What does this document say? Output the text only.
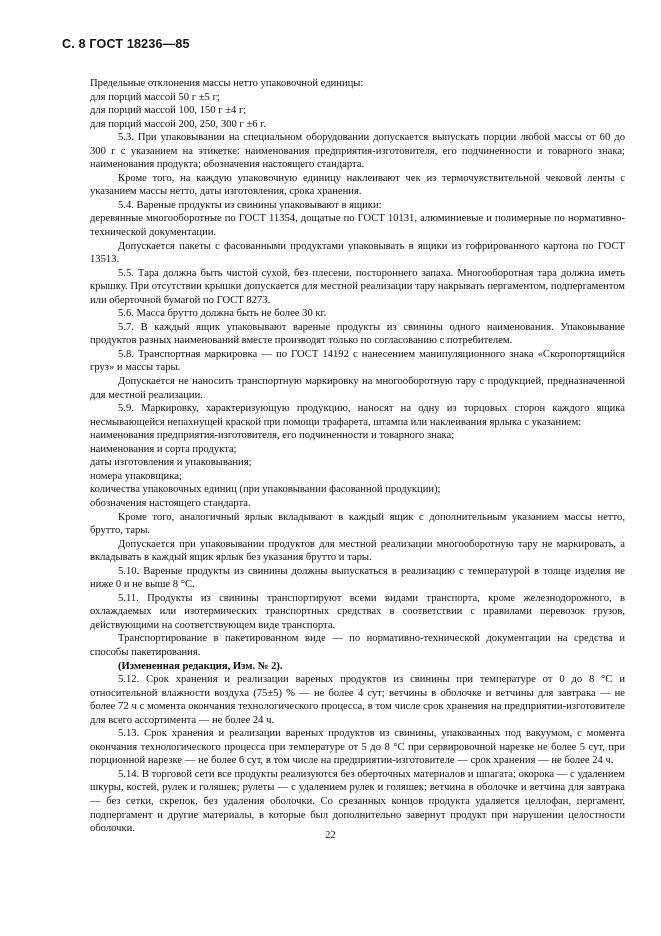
С. 8 ГОСТ 18236—85

Предельные отклонения массы нетто упаковочной единицы:

для порций массой 50 г ±5 г;

для порций массой 100, 150 г ±4 г;

для порций массой 200, 250, 300 г ±6 г.

5.3. При упаковывании на специальном оборудовании допускается выпускать порции любой массы от 60 до 300 г с указанием на этикетке: наименования предприятия-изготовителя, его подчиненности и товарного знака; наименования продукта; обозначения настоящего стандарта.

Кроме того, на каждую упаковочную единицу наклеивают чек из термочувствительной чековой ленты с указанием массы нетто, даты изготовления, срока хранения.

5.4. Вареные продукты из свинины упаковывают в ящики:

деревянные многооборотные по ГОСТ 11354, дощатые по ГОСТ 10131, алюминиевые и полимерные по нормативно-технической документации.

Допускается пакеты с фасованными продуктами упаковывать в ящики из гофрированного картона по ГОСТ 13513.

5.5. Тара должна быть чистой сухой, без плесени, постороннего запаха. Многооборотная тара должна иметь крышку. При отсутствии крышки допускается для местной реализации тару накрывать пергаментом, подпергаментом или оберточной бумагой по ГОСТ 8273.

5.6. Масса брутто должна быть не более 30 кг.

5.7. В каждый ящик упаковывают вареные продукты из свинины одного наименования. Упаковывание продуктов разных наименований вместе производят только по согласованию с потребителем.

5.8. Транспортная маркировка — по ГОСТ 14192 с нанесением манипуляционного знака «Скоропортящийся груз» и массы тары.

Допускается не наносить транспортную маркировку на многооборотную тару с продукцией, предназначенной для местной реализации.

5.9. Маркировку, характеризующую продукцию, наносят на одну из торцовых сторон каждого ящика несмывающейся непахнущей краской при помощи трафарета, штампа или наклеивания ярлыка с указанием:

наименования предприятия-изготовителя, его подчиненности и товарного знака;

наименования и сорта продукта;

даты изготовления и упаковывания;

номера упаковщика;

количества упаковочных единиц (при упаковывании фасованной продукции);

обозначения настоящего стандарта.

Кроме того, аналогичный ярлык вкладывают в каждый ящик с дополнительным указанием массы нетто, брутто, тары.

Допускается при упаковывании продуктов для местной реализации многооборотную тару не маркировать, а вкладывать в каждый ящик ярлык без указания брутто и тары.

5.10. Вареные продукты из свинины должны выпускаться в реализацию с температурой в толще изделия не ниже 0 и не выше 8 °С.

5.11. Продукты из свинины транспортируют всеми видами транспорта, кроме железнодорожного, в охлаждаемых или изотермических транспортных средствах в соответствии с правилами перевозок грузов, действующими на соответствующем виде транспорта.

Транспортирование в пакетированном виде — по нормативно-технической документации на средства и способы пакетирования.

(Измененная редакция, Изм. № 2).

5.12. Срок хранения и реализации вареных продуктов из свинины при температуре от 0 до 8 °С и относительной влажности воздуха (75±5) % — не более 4 сут; ветчины в оболочке и ветчины для завтрака — не более 72 ч с момента окончания технологического процесса, в том числе срок хранения на предприятии-изготовителе для всего ассортимента — не более 24 ч.

5.13. Срок хранения и реализации вареных продуктов из свинины, упакованных под вакуумом, с момента окончания технологического процесса при температуре от 5 до 8 °С при сервировочной нарезке не более 5 сут, при порционной нарезке — не более 6 сут, в том числе на предприятии-изготовителе — срок хранения — не более 24 ч.

5.14. В торговой сети все продукты реализуются без оберточных материалов и шпагата; окорока — с удалением шкуры, костей, рулек и голяшек; рулеты — с удалением рулек и голяшек; ветчина в оболочке и ветчина для завтрака — без сетки, скрепок, без удаления оболочки. Со срезанных концов продукта удаляется целлофан, пергамент, подпергамент и другие материалы, в которые был дополнительно завернут продукт при нарушении целостности оболочки.

22
